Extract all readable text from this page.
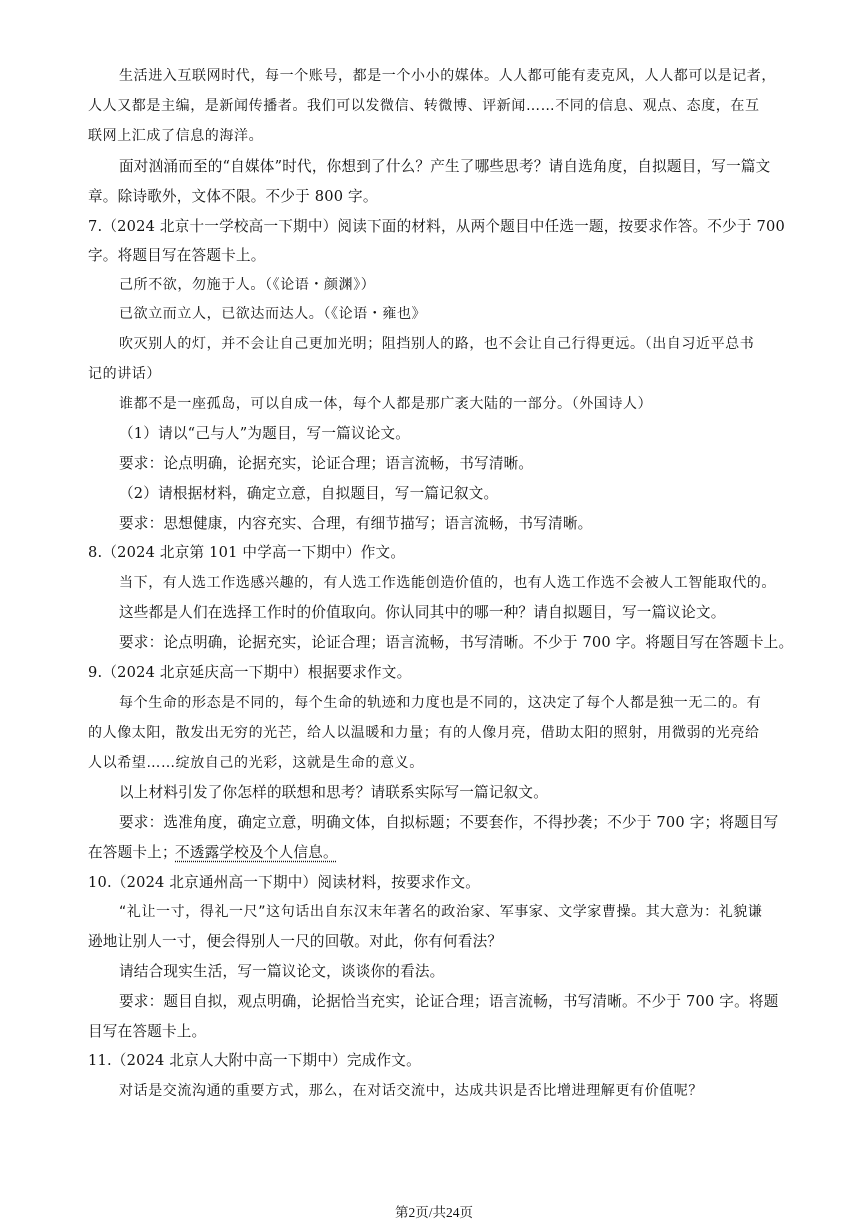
生活进入互联网时代，每一个账号，都是一个小小的媒体。人人都可能有麦克风，人人都可以是记者，

人人又都是主编，是新闻传播者。我们可以发微信、转微博、评新闻……不同的信息、观点、态度，在互

联网上汇成了信息的海洋。

面对汹涌而至的“自媒体”时代，你想到了什么？产生了哪些思考？请自选角度，自拟题目，写一篇文

章。除诗歌外，文体不限。不少于 800 字。

7.（2024 北京十一学校高一下期中）阅读下面的材料，从两个题目中任选一题，按要求作答。不少于 700

字。将题目写在答题卡上。

己所不欲，勿施于人。（《论语・颜渊》）

已欲立而立人，已欲达而达人。（《论语・雍也》

吹灭别人的灯，并不会让自己更加光明；阻挡别人的路，也不会让自己行得更远。（出自习近平总书

记的讲话）

谁都不是一座孤岛，可以自成一体，每个人都是那广袤大陆的一部分。（外国诗人）

（1）请以“己与人”为题目，写一篇议论文。

要求：论点明确，论据充实，论证合理；语言流畅，书写清晰。

（2）请根据材料，确定立意，自拟题目，写一篇记叙文。

要求：思想健康，内容充实、合理，有细节描写；语言流畅，书写清晰。

8.（2024 北京第 101 中学高一下期中）作文。

当下，有人选工作选感兴趣的，有人选工作选能创造价值的，也有人选工作选不会被人工智能取代的。

这些都是人们在选择工作时的价值取向。你认同其中的哪一种？请自拟题目，写一篇议论文。

要求：论点明确，论据充实，论证合理；语言流畅，书写清晰。不少于 700 字。将题目写在答题卡上。

9.（2024 北京延庆高一下期中）根据要求作文。

每个生命的形态是不同的，每个生命的轨迹和力度也是不同的，这决定了每个人都是独一无二的。有

的人像太阳，散发出无穷的光芒，给人以温暖和力量；有的人像月亮，借助太阳的照射，用微弱的光亮给

人以希望……绽放自己的光彩，这就是生命的意义。

以上材料引发了你怎样的联想和思考？请联系实际写一篇记叙文。

要求：选准角度，确定立意，明确文体，自拟标题；不要套作，不得抄袭；不少于 700 字；将题目写

在答题卡上；

不透露学校及个人信息。

10.（2024 北京通州高一下期中）阅读材料，按要求作文。

“礼让一寸，得礼一尺”这句话出自东汉末年著名的政治家、军事家、文学家曹操。其大意为：礼貌谦

逊地让别人一寸，便会得别人一尺的回敬。对此，你有何看法？

请结合现实生活，写一篇议论文，谈谈你的看法。

要求：题目自拟，观点明确，论据恰当充实，论证合理；语言流畅，书写清晰。不少于 700 字。将题

目写在答题卡上。

11.（2024 北京人大附中高一下期中）完成作文。

对话是交流沟通的重要方式，那么，在对话交流中，达成共识是否比增进理解更有价值呢？

第2页/共24页
